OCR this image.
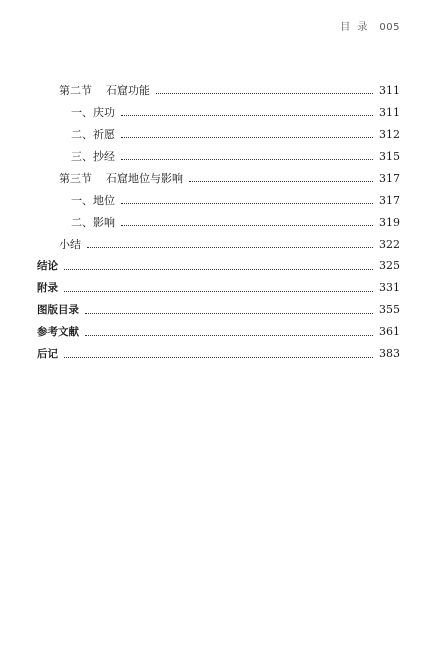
目 录 005
第二节 石窟功能	311
一、庆功	311
二、祈愿	312
三、抄经	315
第三节 石窟地位与影响	317
一、地位	317
二、影响	319
小结	322
结论	325
附录	331
图版目录	355
参考文献	361
后记	383
